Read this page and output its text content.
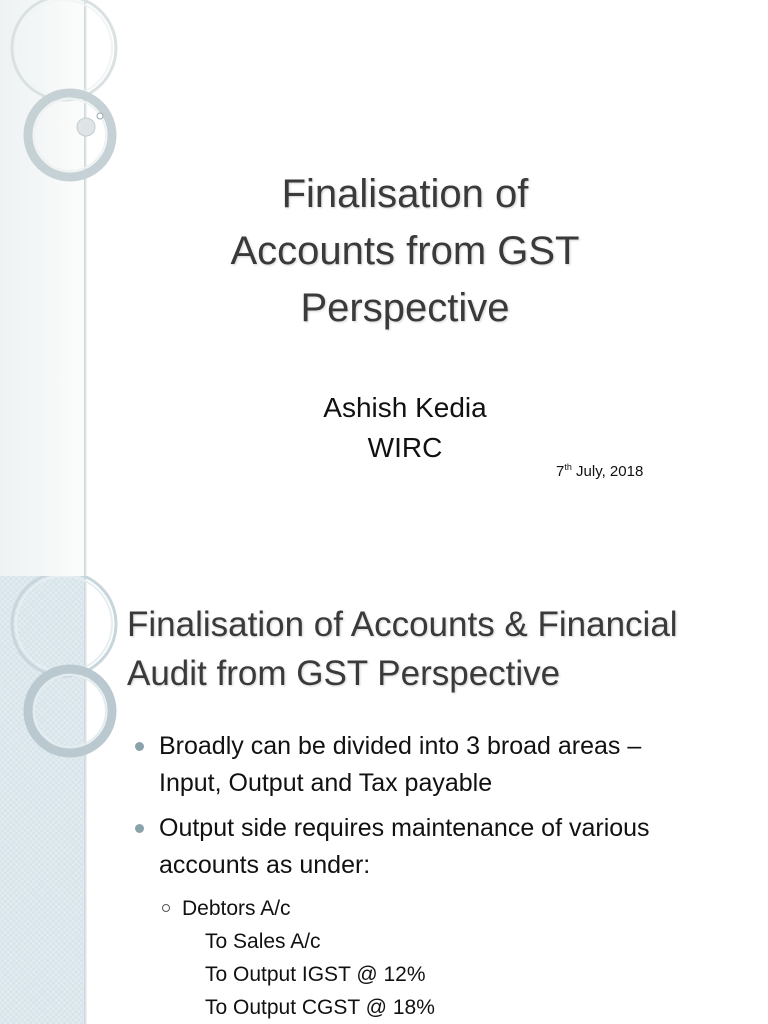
Finalisation of
Accounts from GST
Perspective
Ashish Kedia
WIRC
7th July, 2018
Finalisation of Accounts & Financial
Audit from GST Perspective
Broadly can be divided into 3 broad areas –
Input, Output and Tax payable
Output side requires maintenance of various
accounts as under:
Debtors A/c
To Sales A/c
To Output IGST @ 12%
To Output CGST @ 18%
